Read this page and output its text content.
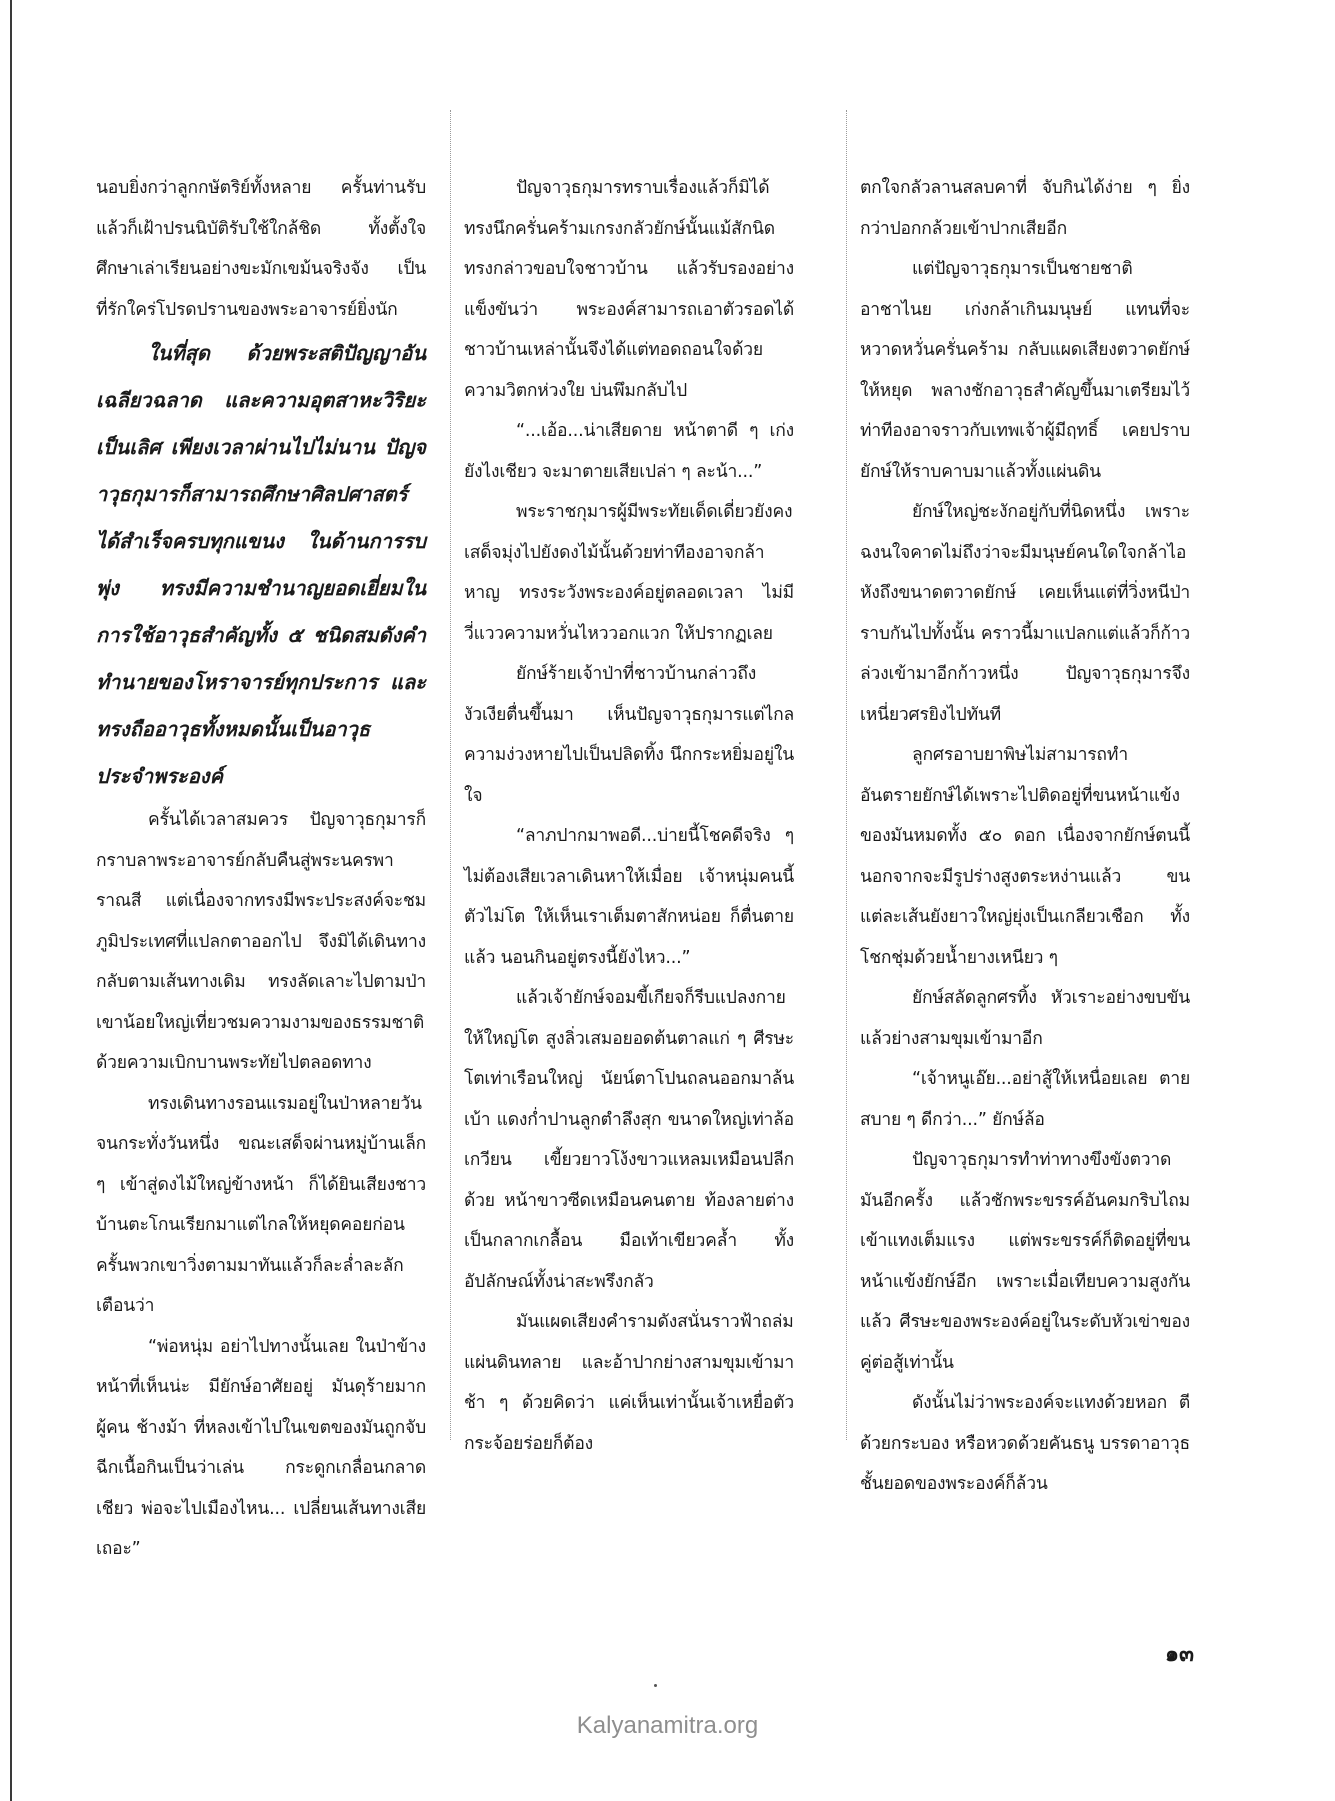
นอบยิ่งกว่าลูกกษัตริย์ทั้งหลาย ครั้นท่านรับแล้วก็เฝ้าปรนนิบัติรับใช้ใกล้ชิด ทั้งตั้งใจศึกษาเล่าเรียนอย่างขะมักเขม้นจริงจัง เป็นที่รักใคร่โปรดปรานของพระอาจารย์ยิ่งนัก

ในที่สุด ด้วยพระสติปัญญาอันเฉลียวฉลาด และความอุตสาหะวิริยะเป็นเลิศ เพียงเวลาผ่านไปไม่นาน ปัญจาวุธกุมารก็สามารถศึกษาศิลปศาสตร์ได้สำเร็จครบทุกแขนง ในด้านการรบพุ่ง ทรงมีความชำนาญยอดเยี่ยมในการใช้อาวุธสำคัญทั้ง ๕ ชนิดสมดังคำทำนายของโหราจารย์ทุกประการ และทรงถืออาวุธทั้งหมดนั้นเป็นอาวุธประจำพระองค์

ครั้นได้เวลาสมควร ปัญจาวุธกุมารก็กราบลาพระอาจารย์กลับคืนสู่พระนครพาราณสี แต่เนื่องจากทรงมีพระประสงค์จะชมภูมิประเทศที่แปลกตาออกไป จึงมิได้เดินทางกลับตามเส้นทางเดิม ทรงลัดเลาะไปตามป่าเขาน้อยใหญ่เที่ยวชมความงามของธรรมชาติด้วยความเบิกบานพระทัยไปตลอดทาง

ทรงเดินทางรอนแรมอยู่ในป่าหลายวัน จนกระทั่งวันหนึ่ง ขณะเสด็จผ่านหมู่บ้านเล็ก ๆ เข้าสู่ดงไม้ใหญ่ข้างหน้า ก็ได้ยินเสียงชาวบ้านตะโกนเรียกมาแต่ไกลให้หยุดคอยก่อน ครั้นพวกเขาวิ่งตามมาทันแล้วก็ละล่ำละลักเตือนว่า

“พ่อหนุ่ม อย่าไปทางนั้นเลย ในป่าข้างหน้าที่เห็นน่ะ มียักษ์อาศัยอยู่ มันดุร้ายมาก ผู้คน ช้างม้า ที่หลงเข้าไปในเขตของมันถูกจับฉีกเนื้อกินเป็นว่าเล่น กระดูกเกลื่อนกลาดเชียว พ่อจะไปเมืองไหน... เปลี่ยนเส้นทางเสียเถอะ”

ปัญจาวุธกุมารทราบเรื่องแล้วก็มิได้ทรงนึกครั่นคร้ามเกรงกลัวยักษ์นั้นแม้สักนิด ทรงกล่าวขอบใจชาวบ้าน แล้วรับรองอย่างแข็งขันว่า พระองค์สามารถเอาตัวรอดได้ ชาวบ้านเหล่านั้นจึงได้แต่ทอดถอนใจด้วยความวิตกห่วงใย บ่นพึมกลับไป

“...เอ้อ...น่าเสียดาย หน้าตาดี ๆ เก่งยังไงเชียว จะมาตายเสียเปล่า ๆ ละน้า...”

พระราชกุมารผู้มีพระทัยเด็ดเดี่ยวยังคงเสด็จมุ่งไปยังดงไม้นั้นด้วยท่าทีองอาจกล้าหาญ ทรงระวังพระองค์อยู่ตลอดเวลา ไม่มีวี่แววความหวั่นไหววอกแวก ให้ปรากฏเลย

ยักษ์ร้ายเจ้าป่าที่ชาวบ้านกล่าวถึงงัวเงียตื่นขึ้นมา เห็นปัญจาวุธกุมารแต่ไกล ความง่วงหายไปเป็นปลิดทิ้ง นึกกระหยิ่มอยู่ในใจ

“ลาภปากมาพอดี...บ่ายนี้โชคดีจริง ๆ ไม่ต้องเสียเวลาเดินหาให้เมื่อย เจ้าหนุ่มคนนี้ตัวไม่โต ให้เห็นเราเต็มตาสักหน่อย ก็ตื่นตายแล้ว นอนกินอยู่ตรงนี้ยังไหว...”

แล้วเจ้ายักษ์จอมขี้เกียจก็รีบแปลงกายให้ใหญ่โต สูงลิ่วเสมอยอดต้นตาลแก่ ๆ ศีรษะโตเท่าเรือนใหญ่ นัยน์ตาโปนถลนออกมาล้นเบ้า แดงก่ำปานลูกตำลึงสุก ขนาดใหญ่เท่าล้อเกวียน เขี้ยวยาวโง้งขาวแหลมเหมือนปลีกด้วย หน้าขาวซีดเหมือนคนตาย ท้องลายต่างเป็นกลากเกลื้อน มือเท้าเขียวคล้ำ ทั้งอัปลักษณ์ทั้งน่าสะพรึงกลัว

มันแผดเสียงคำรามดังสนั่นราวฟ้าถล่มแผ่นดินทลาย และอ้าปากย่างสามขุมเข้ามาช้า ๆ ด้วยคิดว่า แค่เห็นเท่านั้นเจ้าเหยื่อตัวกระจ้อยร่อยก็ต้อง

ตกใจกลัวลานสลบคาที่ จับกินได้ง่าย ๆ ยิ่งกว่าปอกกล้วยเข้าปากเสียอีก

แต่ปัญจาวุธกุมารเป็นชายชาติอาชาไนย เก่งกล้าเกินมนุษย์ แทนที่จะหวาดหวั่นครั่นคร้าม กลับแผดเสียงตวาดยักษ์ให้หยุด พลางชักอาวุธสำคัญขึ้นมาเตรียมไว้ ท่าทีองอาจราวกับเทพเจ้าผู้มีฤทธิ์ เคยปราบยักษ์ให้ราบคาบมาแล้วทั้งแผ่นดิน

ยักษ์ใหญ่ชะงักอยู่กับที่นิดหนึ่ง เพราะฉงนใจคาดไม่ถึงว่าจะมีมนุษย์คนใดใจกล้าไอหังถึงขนาดตวาดยักษ์ เคยเห็นแต่ที่วิ่งหนีป่าราบกันไปทั้งนั้น คราวนี้มาแปลกแต่แล้วก็ก้าวล่วงเข้ามาอีกก้าวหนึ่ง ปัญจาวุธกุมารจึงเหนี่ยวศรยิงไปทันที

ลูกศรอาบยาพิษไม่สามารถทำอันตรายยักษ์ได้เพราะไปติดอยู่ที่ขนหน้าแข้งของมันหมดทั้ง ๕๐ ดอก เนื่องจากยักษ์ตนนี้นอกจากจะมีรูปร่างสูงตระหง่านแล้ว ขนแต่ละเส้นยังยาวใหญ่ยุ่งเป็นเกลียวเชือก ทั้งโชกชุ่มด้วยน้ำยางเหนียว ๆ

ยักษ์สลัดลูกศรทิ้ง หัวเราะอย่างขบขัน แล้วย่างสามขุมเข้ามาอีก

“เจ้าหนูเอ๊ย...อย่าสู้ให้เหนื่อยเลย ตายสบาย ๆ ดีกว่า...” ยักษ์ล้อ

ปัญจาวุธกุมารทำท่าทางขึงขังตวาดมันอีกครั้ง แล้วชักพระขรรค์อันคมกริบไถมเข้าแทงเต็มแรง แต่พระขรรค์ก็ติดอยู่ที่ขนหน้าแข้งยักษ์อีก เพราะเมื่อเทียบความสูงกันแล้ว ศีรษะของพระองค์อยู่ในระดับหัวเข่าของคู่ต่อสู้เท่านั้น

ดังนั้นไม่ว่าพระองค์จะแทงด้วยหอก ตีด้วยกระบอง หรือหวดด้วยคันธนู บรรดาอาวุธชั้นยอดของพระองค์ก็ล้วน

๑๓
Kalyanamitra.org
